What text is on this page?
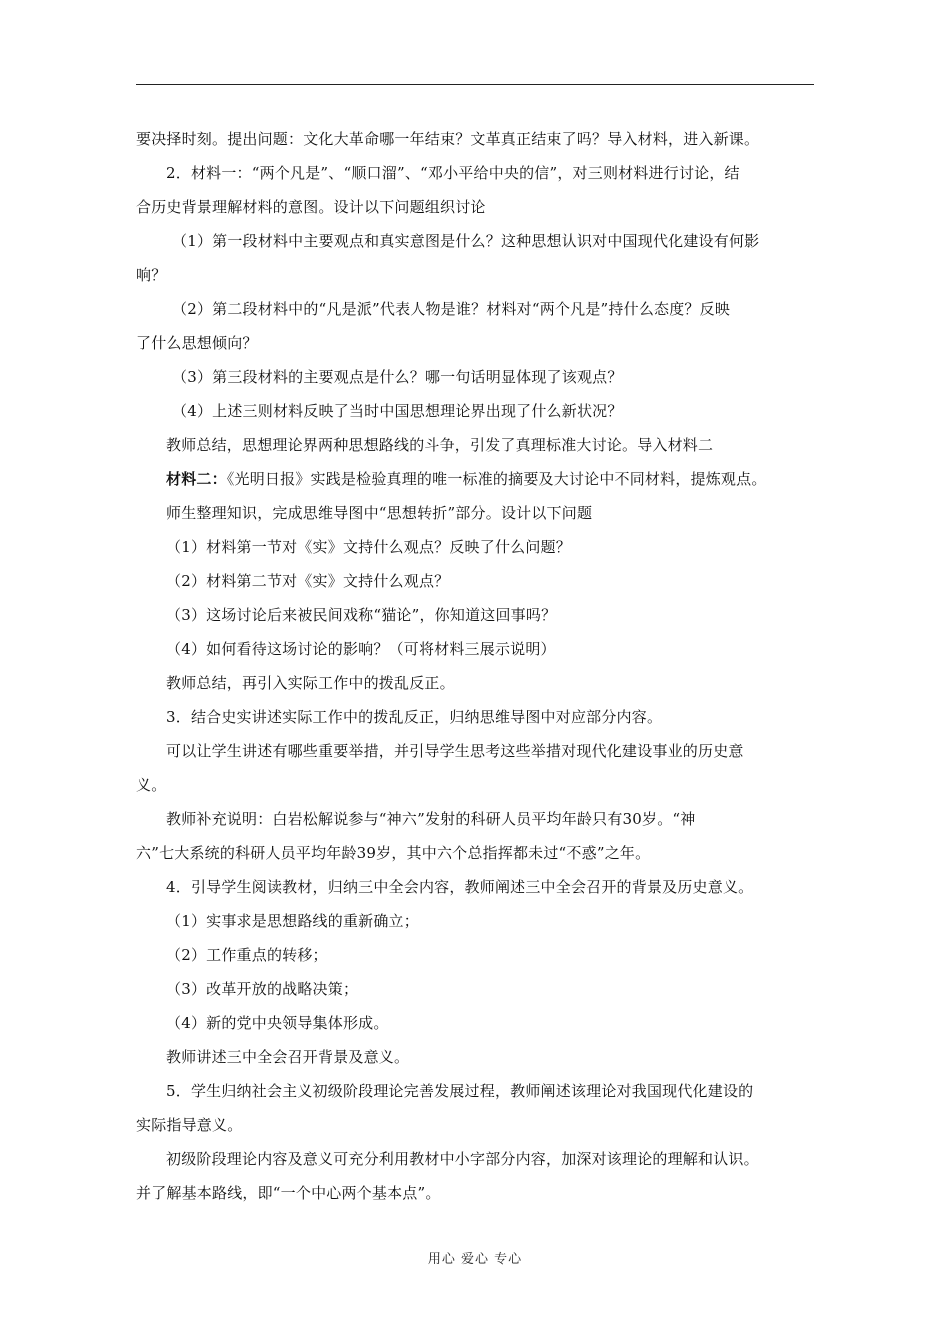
要决择时刻。提出问题：文化大革命哪一年结束？文革真正结束了吗？导入材料，进入新课。

2．材料一：“两个凡是”、“顺口溜”、“邓小平给中央的信”，对三则材料进行讨论，结

合历史背景理解材料的意图。设计以下问题组织讨论

（1）第一段材料中主要观点和真实意图是什么？这种思想认识对中国现代化建设有何影

响？

（2）第二段材料中的“凡是派”代表人物是谁？材料对“两个凡是”持什么态度？反映

了什么思想倾向？

（3）第三段材料的主要观点是什么？哪一句话明显体现了该观点？

（4）上述三则材料反映了当时中国思想理论界出现了什么新状况？

教师总结，思想理论界两种思想路线的斗争，引发了真理标准大讨论。导入材料二

材料二：《光明日报》实践是检验真理的唯一标准的摘要及大讨论中不同材料，提炼观点。

师生整理知识，完成思维导图中“思想转折”部分。设计以下问题

（1）材料第一节对《实》文持什么观点？反映了什么问题？

（2）材料第二节对《实》文持什么观点？

（3）这场讨论后来被民间戏称“猫论”，你知道这回事吗？

（4）如何看待这场讨论的影响？（可将材料三展示说明）

教师总结，再引入实际工作中的拨乱反正。

3．结合史实讲述实际工作中的拨乱反正，归纳思维导图中对应部分内容。

可以让学生讲述有哪些重要举措，并引导学生思考这些举措对现代化建设事业的历史意

义。

教师补充说明：白岩松解说参与“神六”发射的科研人员平均年龄只有30岁。“神

六”七大系统的科研人员平均年龄39岁，其中六个总指挥都未过“不惑”之年。

4．引导学生阅读教材，归纳三中全会内容，教师阐述三中全会召开的背景及历史意义。

（1）实事求是思想路线的重新确立；

（2）工作重点的转移；

（3）改革开放的战略决策；

（4）新的党中央领导集体形成。

教师讲述三中全会召开背景及意义。

5．学生归纳社会主义初级阶段理论完善发展过程，教师阐述该理论对我国现代化建设的

实际指导意义。

初级阶段理论内容及意义可充分利用教材中小字部分内容，加深对该理论的理解和认识。

并了解基本路线，即“一个中心两个基本点”。

用心 爱心 专心
